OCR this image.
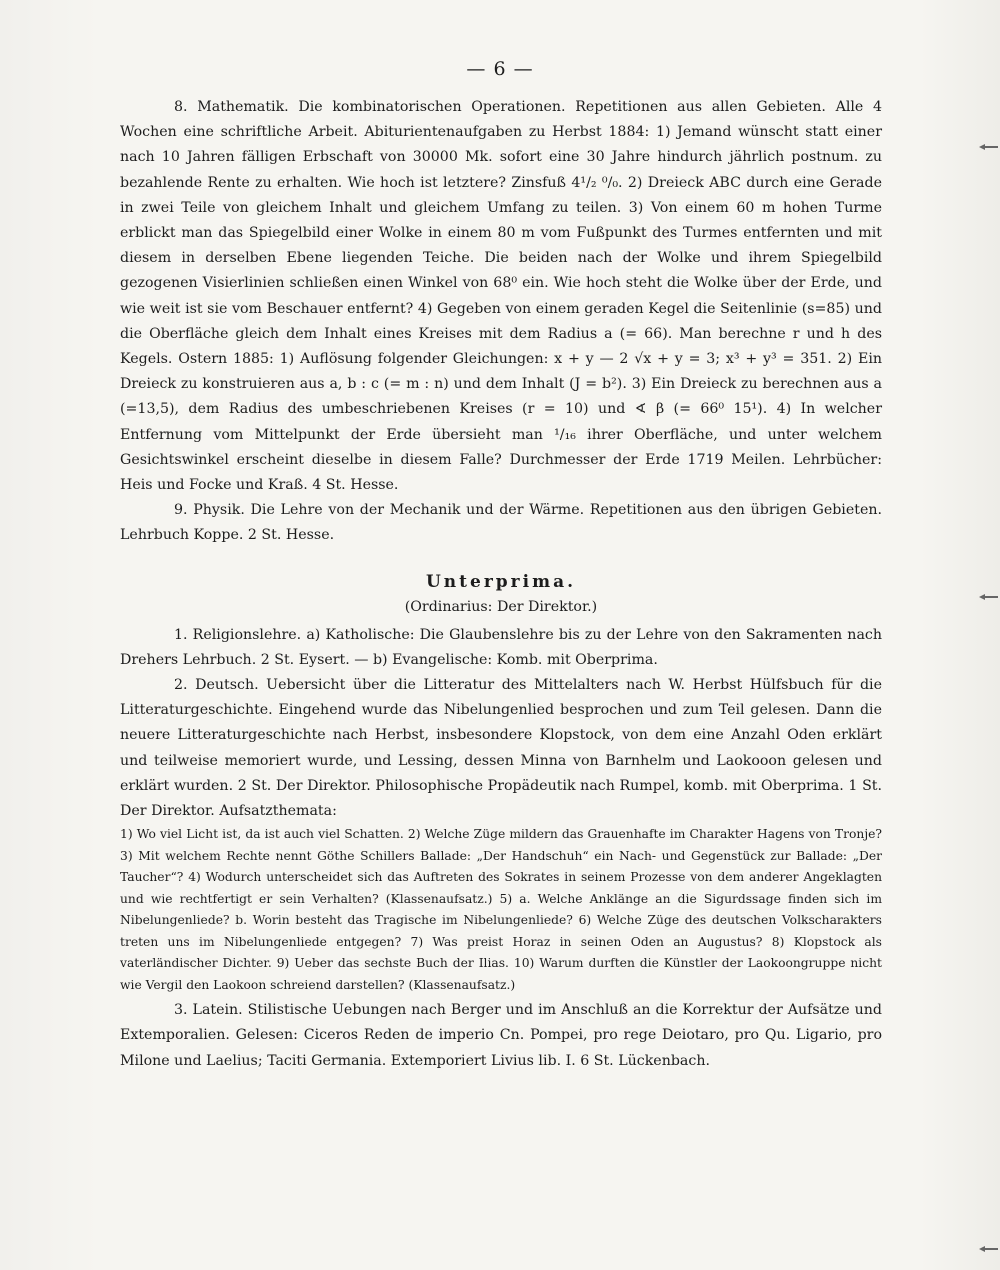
— 6 —

8. Mathematik. Die kombinatorischen Operationen. Repetitionen aus allen Gebieten. Alle 4 Wochen eine schriftliche Arbeit. Abiturientenaufgaben zu Herbst 1884: 1) Jemand wünscht statt einer nach 10 Jahren fälligen Erbschaft von 30000 Mk. sofort eine 30 Jahre hindurch jährlich postnum. zu bezahlende Rente zu erhalten. Wie hoch ist letztere? Zinsfuß 4¹/₂ ⁰/₀. 2) Dreieck ABC durch eine Gerade in zwei Teile von gleichem Inhalt und gleichem Umfang zu teilen. 3) Von einem 60 m hohen Turme erblickt man das Spiegelbild einer Wolke in einem 80 m vom Fußpunkt des Turmes entfernten und mit diesem in derselben Ebene liegenden Teiche. Die beiden nach der Wolke und ihrem Spiegelbild gezogenen Visierlinien schließen einen Winkel von 68⁰ ein. Wie hoch steht die Wolke über der Erde, und wie weit ist sie vom Beschauer entfernt? 4) Gegeben von einem geraden Kegel die Seitenlinie (s=85) und die Oberfläche gleich dem Inhalt eines Kreises mit dem Radius a (= 66). Man berechne r und h des Kegels. Ostern 1885: 1) Auflösung folgender Gleichungen: x + y — 2 √x + y = 3; x³ + y³ = 351. 2) Ein Dreieck zu konstruieren aus a, b : c (= m : n) und dem Inhalt (J = b²). 3) Ein Dreieck zu berechnen aus a (=13,5), dem Radius des umbeschriebenen Kreises (r = 10) und ∢ β (= 66⁰ 15¹). 4) In welcher Entfernung vom Mittelpunkt der Erde übersieht man ¹/₁₆ ihrer Oberfläche, und unter welchem Gesichtswinkel erscheint dieselbe in diesem Falle? Durchmesser der Erde 1719 Meilen. Lehrbücher: Heis und Focke und Kraß. 4 St. Hesse.

9. Physik. Die Lehre von der Mechanik und der Wärme. Repetitionen aus den übrigen Gebieten. Lehrbuch Koppe. 2 St. Hesse.

Unterprima.
(Ordinarius: Der Direktor.)

1. Religionslehre. a) Katholische: Die Glaubenslehre bis zu der Lehre von den Sakramenten nach Drehers Lehrbuch. 2 St. Eysert. — b) Evangelische: Komb. mit Oberprima.

2. Deutsch. Uebersicht über die Litteratur des Mittelalters nach W. Herbst Hülfsbuch für die Litteraturgeschichte. Eingehend wurde das Nibelungenlied besprochen und zum Teil gelesen. Dann die neuere Litteraturgeschichte nach Herbst, insbesondere Klopstock, von dem eine Anzahl Oden erklärt und teilweise memoriert wurde, und Lessing, dessen Minna von Barnhelm und Laokooon gelesen und erklärt wurden. 2 St. Der Direktor. Philosophische Propädeutik nach Rumpel, komb. mit Oberprima. 1 St. Der Direktor. Aufsatzthemata:

1) Wo viel Licht ist, da ist auch viel Schatten. 2) Welche Züge mildern das Grauenhafte im Charakter Hagens von Tronje? 3) Mit welchem Rechte nennt Göthe Schillers Ballade: „Der Handschuh“ ein Nach- und Gegenstück zur Ballade: „Der Taucher“? 4) Wodurch unterscheidet sich das Auftreten des Sokrates in seinem Prozesse von dem anderer Angeklagten und wie rechtfertigt er sein Verhalten? (Klassenaufsatz.) 5) a. Welche Anklänge an die Sigurdssage finden sich im Nibelungenliede? b. Worin besteht das Tragische im Nibelungenliede? 6) Welche Züge des deutschen Volkscharakters treten uns im Nibelungenliede entgegen? 7) Was preist Horaz in seinen Oden an Augustus? 8) Klopstock als vaterländischer Dichter. 9) Ueber das sechste Buch der Ilias. 10) Warum durften die Künstler der Laokoongruppe nicht wie Vergil den Laokoon schreiend darstellen? (Klassenaufsatz.)

3. Latein. Stilistische Uebungen nach Berger und im Anschluß an die Korrektur der Aufsätze und Extemporalien. Gelesen: Ciceros Reden de imperio Cn. Pompei, pro rege Deiotaro, pro Qu. Ligario, pro Milone und Laelius; Taciti Germania. Extemporiert Livius lib. I. 6 St. Lückenbach.
